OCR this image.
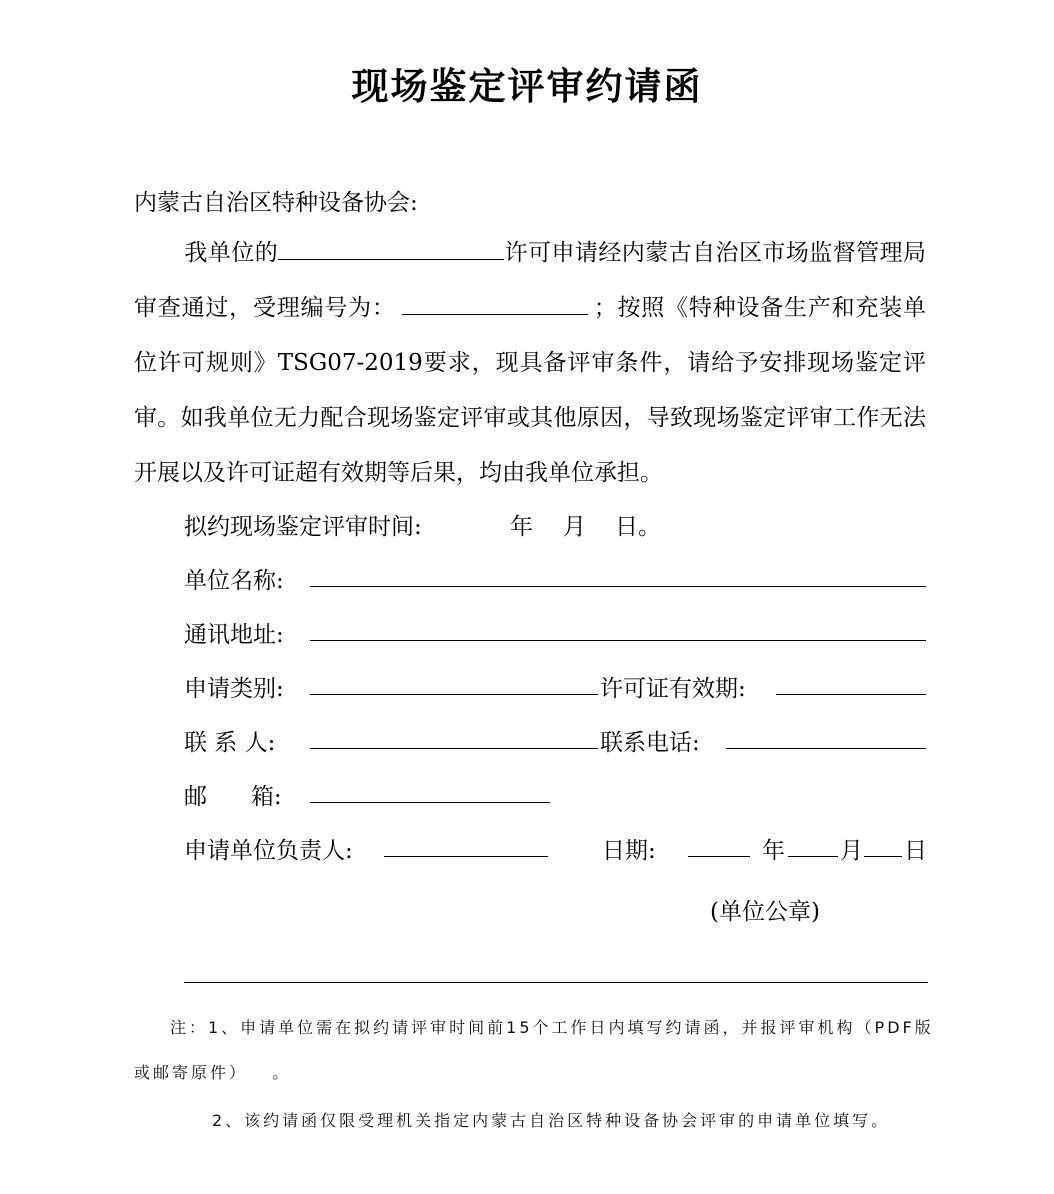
现场鉴定评审约请函
内蒙古自治区特种设备协会:
我单位的	许可申请经内蒙古自治区市场监督管理局审查通过，受理编号为：	；按照《特种设备生产和充装单位许可规则》TSG07-2019要求，现具备评审条件，请给予安排现场鉴定评审。如我单位无力配合现场鉴定评审或其他原因，导致现场鉴定评审工作无法开展以及许可证超有效期等后果，均由我单位承担。
拟约现场鉴定评审时间:	年 月 日。
单位名称:
通讯地址:
申请类别:	许可证有效期:
联 系 人:	联系电话:
邮      箱:
申请单位负责人:	日期:	年 月 日
(单位公章)
注：1、申请单位需在拟约请评审时间前15个工作日内填写约请函，并报评审机构（PDF版
或邮寄原件）   。
2、该约请函仅限受理机关指定内蒙古自治区特种设备协会评审的申请单位填写。
